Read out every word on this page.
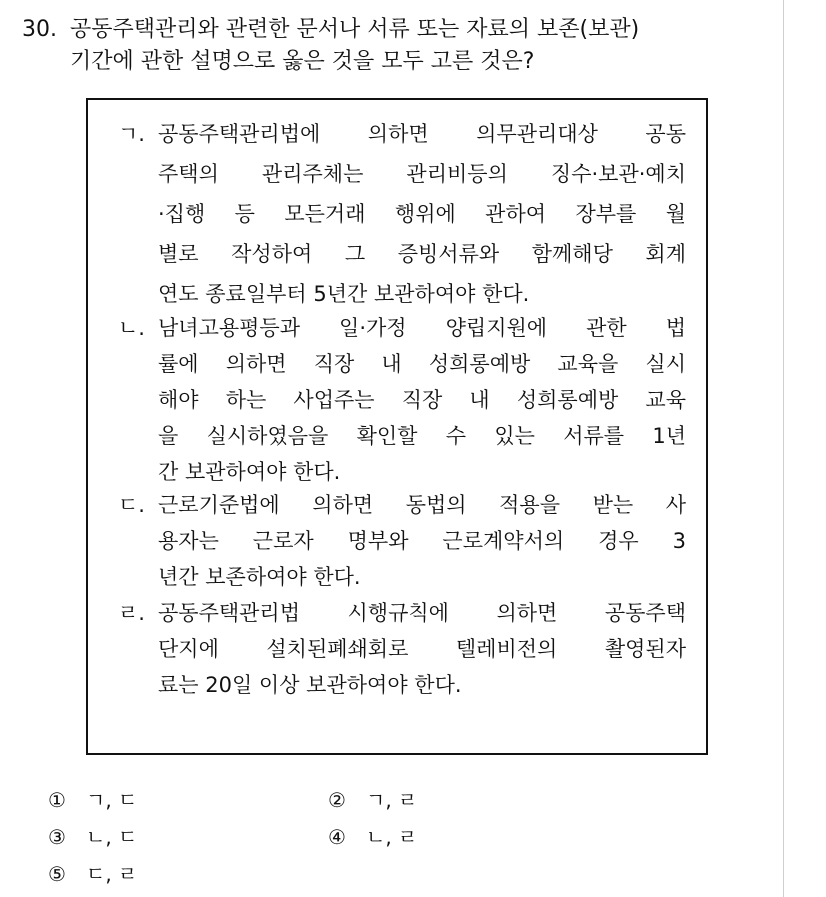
30. 공동주택관리와 관련한 문서나 서류 또는 자료의 보존(보관)
기간에 관한 설명으로 옳은 것을 모두 고른 것은?
ㄱ. 공동주택관리법에 의하면 의무관리대상 공동
주택의 관리주체는 관리비등의 징수·보관·예치
·집행 등 모든거래 행위에 관하여 장부를 월
별로 작성하여 그 증빙서류와 함께해당 회계
연도 종료일부터 5년간 보관하여야 한다.
ㄴ. 남녀고용평등과 일·가정 양립지원에 관한 법
률에 의하면 직장 내 성희롱예방 교육을 실시
해야 하는 사업주는 직장 내 성희롱예방 교육
을 실시하였음을 확인할 수 있는 서류를 1년
간 보관하여야 한다.
ㄷ. 근로기준법에 의하면 동법의 적용을 받는 사
용자는 근로자 명부와 근로계약서의 경우 3
년간 보존하여야 한다.
ㄹ. 공동주택관리법 시행규칙에 의하면 공동주택
단지에 설치된폐쇄회로 텔레비전의 촬영된자
료는 20일 이상 보관하여야 한다.
① ㄱ, ㄷ	② ㄱ, ㄹ
③ ㄴ, ㄷ	④ ㄴ, ㄹ
⑤ ㄷ, ㄹ
